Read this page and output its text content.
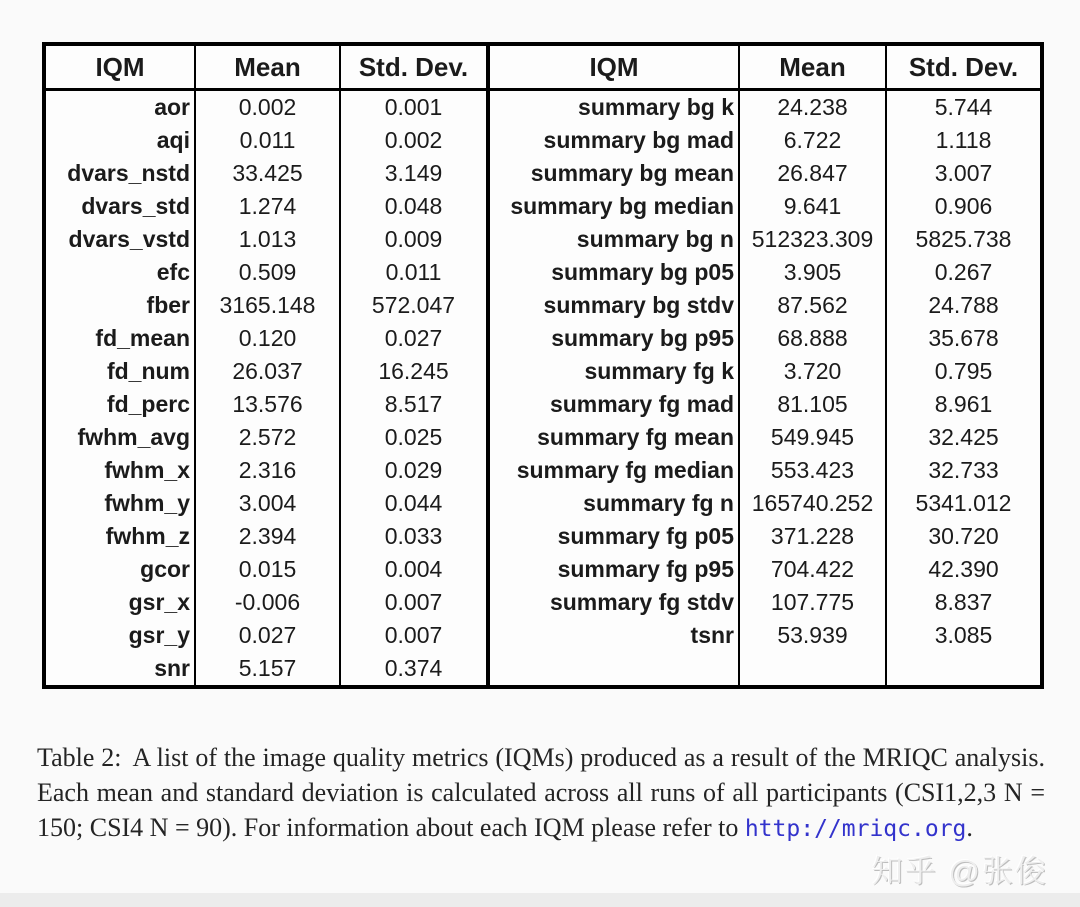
IQM	Mean	Std. Dev.	IQM	Mean	Std. Dev.
aor	0.002	0.001	summary bg k	24.238	5.744
aqi	0.011	0.002	summary bg mad	6.722	1.118
dvars_nstd	33.425	3.149	summary bg mean	26.847	3.007
dvars_std	1.274	0.048	summary bg median	9.641	0.906
dvars_vstd	1.013	0.009	summary bg n	512323.309	5825.738
efc	0.509	0.011	summary bg p05	3.905	0.267
fber	3165.148	572.047	summary bg stdv	87.562	24.788
fd_mean	0.120	0.027	summary bg p95	68.888	35.678
fd_num	26.037	16.245	summary fg k	3.720	0.795
fd_perc	13.576	8.517	summary fg mad	81.105	8.961
fwhm_avg	2.572	0.025	summary fg mean	549.945	32.425
fwhm_x	2.316	0.029	summary fg median	553.423	32.733
fwhm_y	3.004	0.044	summary fg n	165740.252	5341.012
fwhm_z	2.394	0.033	summary fg p05	371.228	30.720
gcor	0.015	0.004	summary fg p95	704.422	42.390
gsr_x	-0.006	0.007	summary fg stdv	107.775	8.837
gsr_y	0.027	0.007	tsnr	53.939	3.085
snr	5.157	0.374			

Table 2: A list of the image quality metrics (IQMs) produced as a result of the MRIQC analysis. Each mean and standard deviation is calculated across all runs of all participants (CSI1,2,3 N = 150; CSI4 N = 90). For information about each IQM please refer to http://mriqc.org.

知乎 @张俊
